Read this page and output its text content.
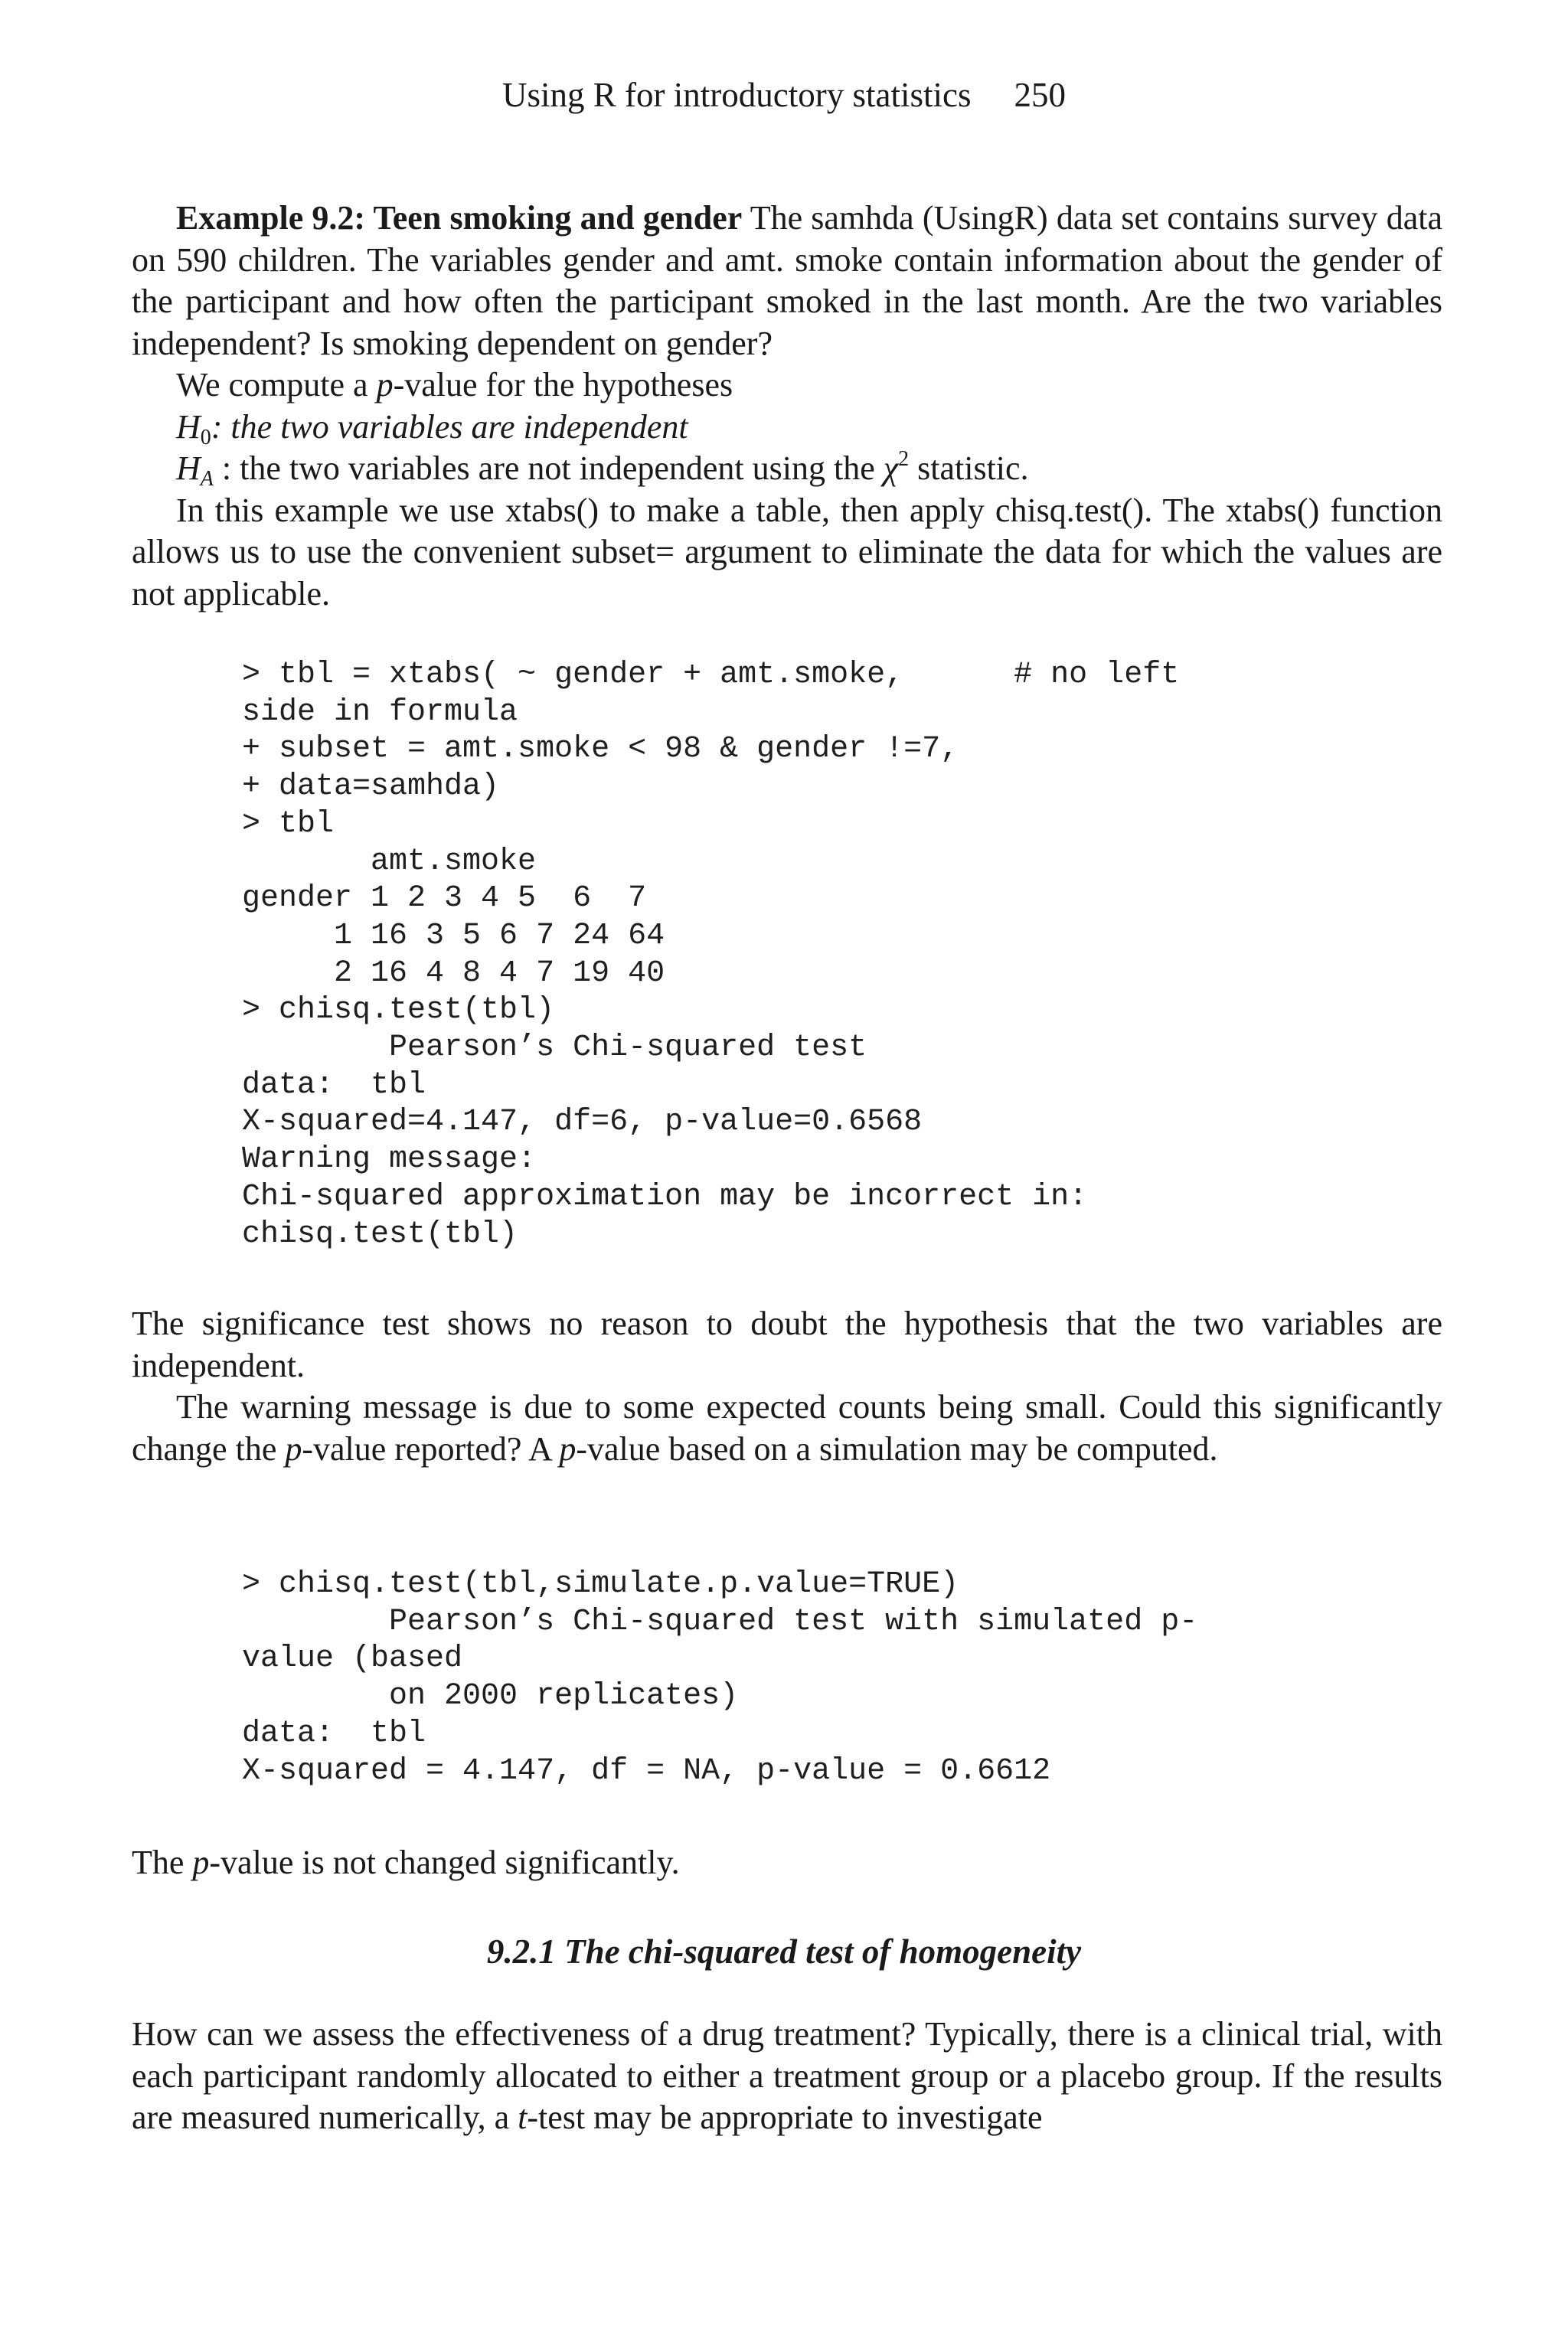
Using R for introductory statistics 250

Example 9.2: Teen smoking and gender The samhda (UsingR) data set contains survey data on 590 children. The variables gender and amt. smoke contain information about the gender of the participant and how often the participant smoked in the last month. Are the two variables independent? Is smoking dependent on gender?

We compute a p-value for the hypotheses

$H_0$: the two variables are independent

$H_A$ : the two variables are not independent using the $\chi^2$ statistic.

In this example we use xtabs() to make a table, then apply chisq.test(). The xtabs() function allows us to use the convenient subset= argument to eliminate the data for which the values are not applicable.

> tbl = xtabs( ~ gender + amt.smoke,      # no left
side in formula
+ subset = amt.smoke < 98 & gender !=7,
+ data=samhda)
> tbl
amt.smoke
gender 1 2 3 4 5  6  7
1 16 3 5 6 7 24 64
2 16 4 8 4 7 19 40
> chisq.test(tbl)
Pearson’s Chi-squared test
data:  tbl
X-squared=4.147, df=6, p-value=0.6568
Warning message:
Chi-squared approximation may be incorrect in:
chisq.test(tbl)

The significance test shows no reason to doubt the hypothesis that the two variables are independent.

The warning message is due to some expected counts being small. Could this significantly change the p-value reported? A p-value based on a simulation may be computed.

> chisq.test(tbl,simulate.p.value=TRUE)
Pearson’s Chi-squared test with simulated p-
value (based
on 2000 replicates)
data:  tbl
X-squared = 4.147, df = NA, p-value = 0.6612

The p-value is not changed significantly.

9.2.1 The chi-squared test of homogeneity

How can we assess the effectiveness of a drug treatment? Typically, there is a clinical trial, with each participant randomly allocated to either a treatment group or a placebo group. If the results are measured numerically, a t-test may be appropriate to investigate
